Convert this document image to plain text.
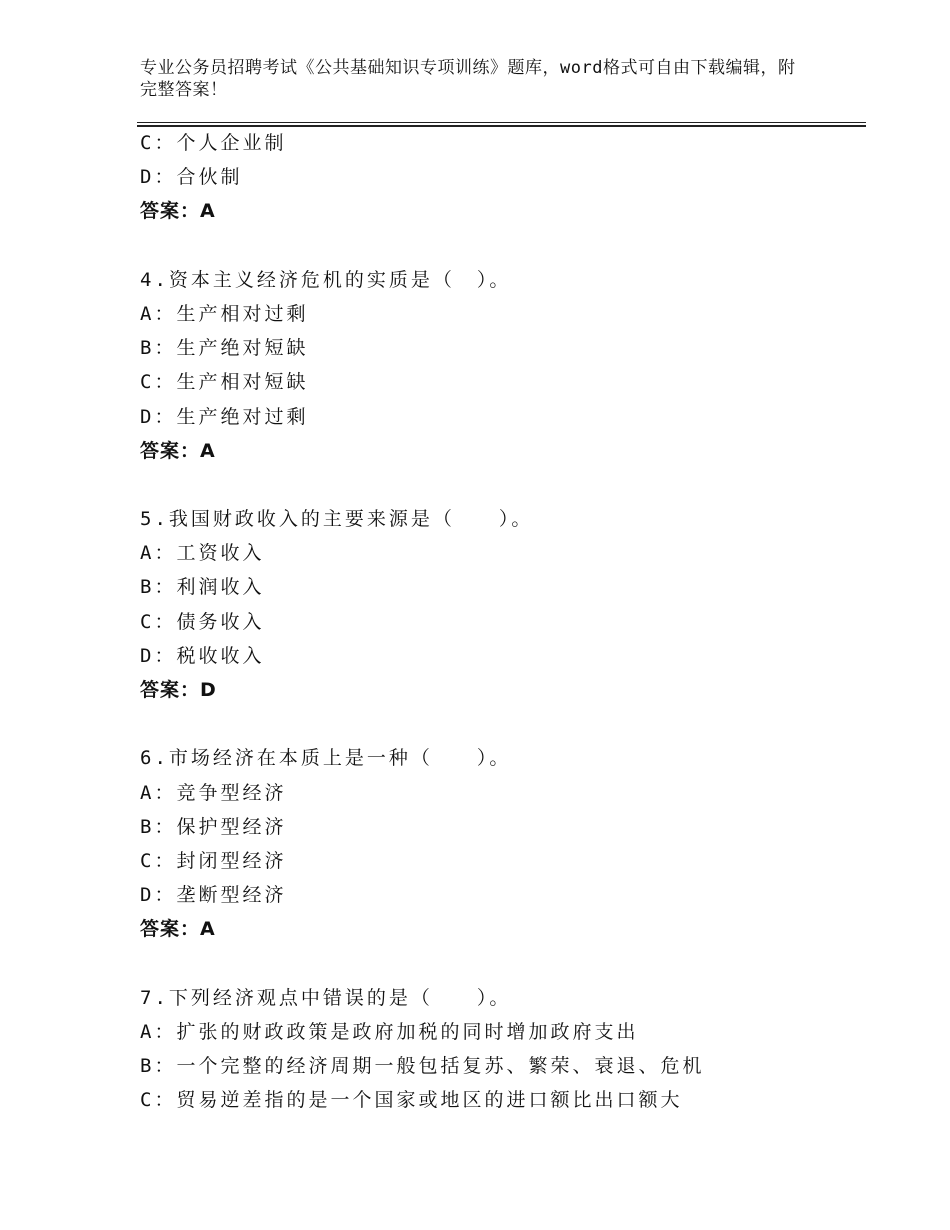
专业公务员招聘考试《公共基础知识专项训练》题库，word格式可自由下载编辑，附完整答案！
C：个人企业制
D：合伙制
答案：A
4.资本主义经济危机的实质是（　）。
A：生产相对过剩
B：生产绝对短缺
C：生产相对短缺
D：生产绝对过剩
答案：A
5.我国财政收入的主要来源是（　　）。
A：工资收入
B：利润收入
C：债务收入
D：税收收入
答案：D
6.市场经济在本质上是一种（　　）。
A：竞争型经济
B：保护型经济
C：封闭型经济
D：垄断型经济
答案：A
7.下列经济观点中错误的是（　　）。
A：扩张的财政政策是政府加税的同时增加政府支出
B：一个完整的经济周期一般包括复苏、繁荣、衰退、危机
C：贸易逆差指的是一个国家或地区的进口额比出口额大
